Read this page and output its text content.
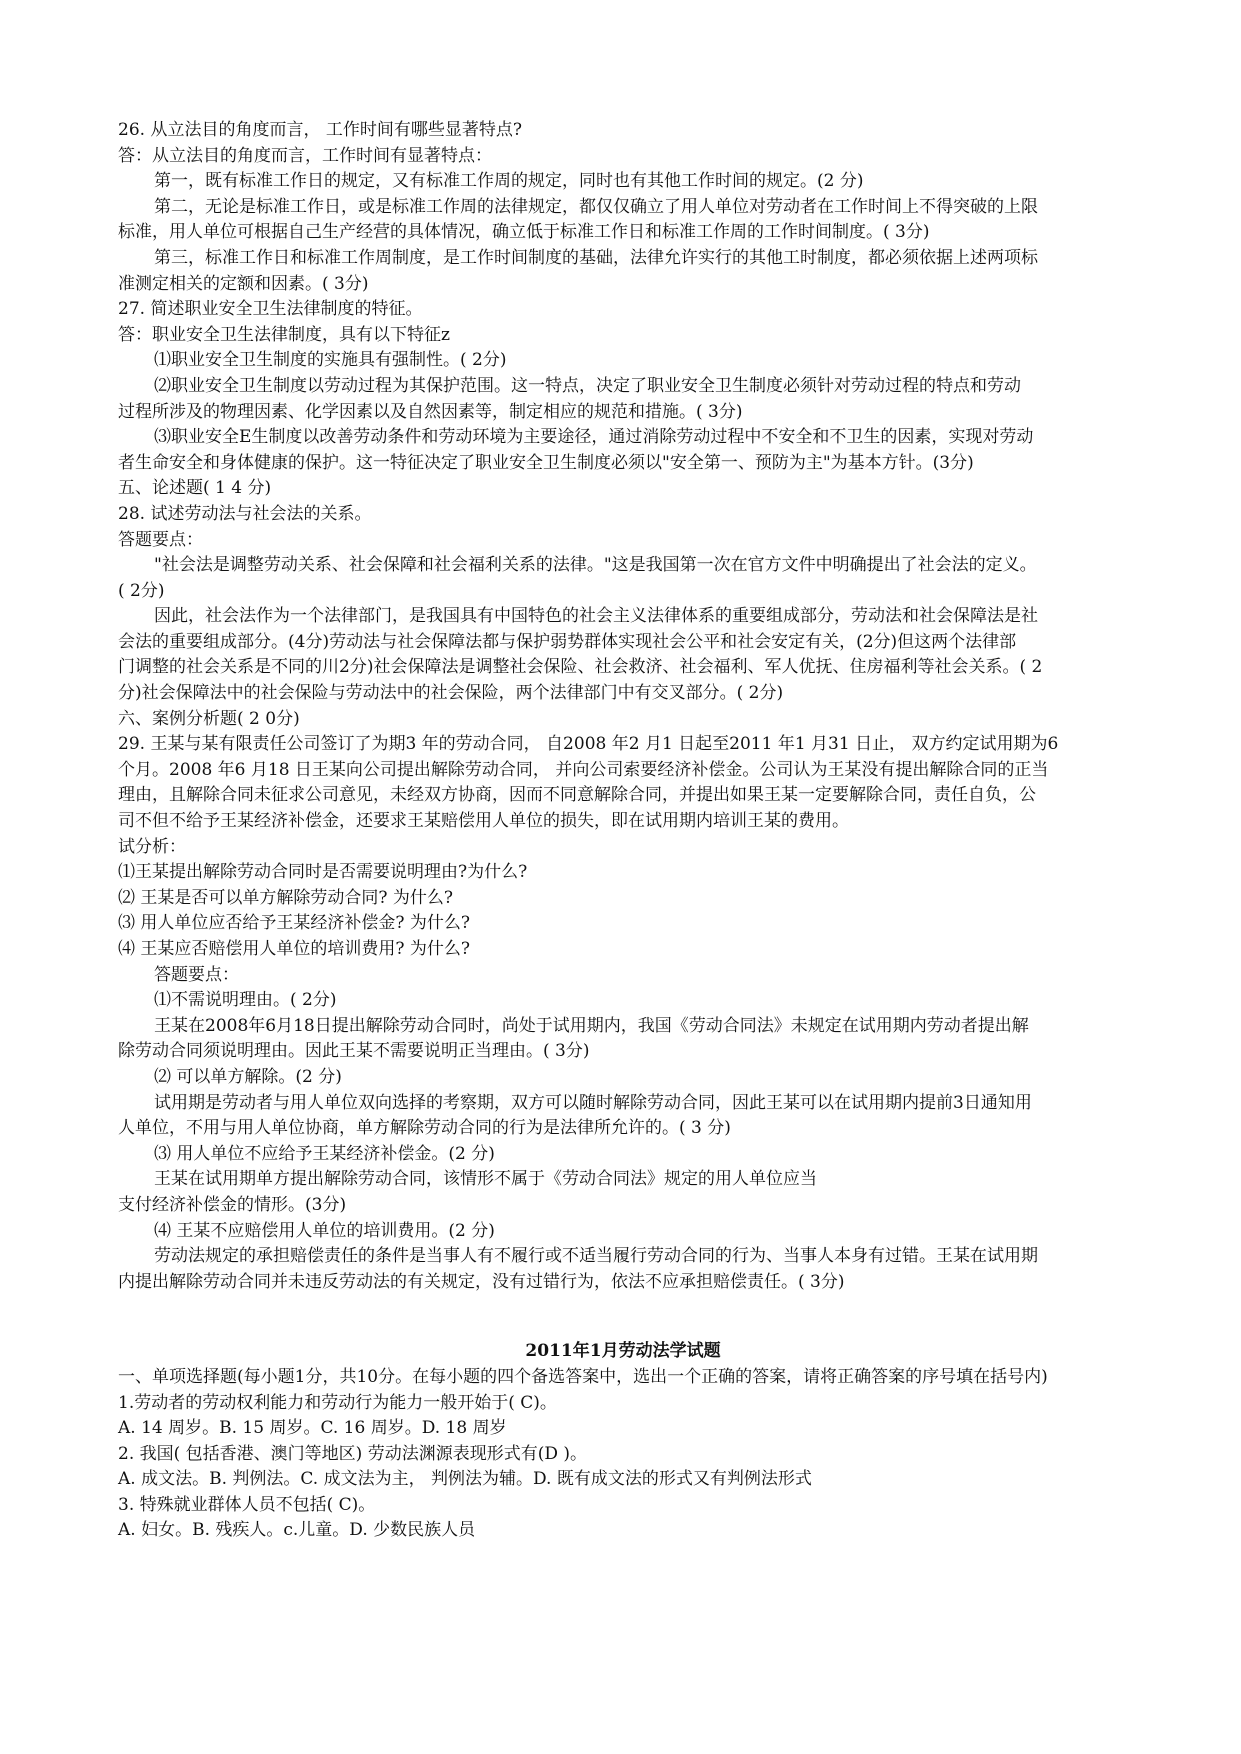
26. 从立法目的角度而言， 工作时间有哪些显著特点?
答：从立法目的角度而言，工作时间有显著特点：
第一，既有标准工作日的规定，又有标准工作周的规定，同时也有其他工作时间的规定。(2 分)
第二，无论是标准工作日，或是标准工作周的法律规定，都仅仅确立了用人单位对劳动者在工作时间上不得突破的上限
标准，用人单位可根据自己生产经营的具体情况，确立低于标准工作日和标准工作周的工作时间制度。( 3分)
第三，标准工作日和标准工作周制度，是工作时间制度的基础，法律允许实行的其他工时制度，都必须依据上述两项标
准测定相关的定额和因素。( 3分)
27. 简述职业安全卫生法律制度的特征。
答：职业安全卫生法律制度，具有以下特征z
⑴职业安全卫生制度的实施具有强制性。( 2分)
⑵职业安全卫生制度以劳动过程为其保护范围。这一特点，决定了职业安全卫生制度必须针对劳动过程的特点和劳动
过程所涉及的物理因素、化学因素以及自然因素等，制定相应的规范和措施。( 3分)
⑶职业安全E生制度以改善劳动条件和劳动环境为主要途径，通过消除劳动过程中不安全和不卫生的因素，实现对劳动
者生命安全和身体健康的保护。这一特征决定了职业安全卫生制度必须以"安全第一、预防为主"为基本方针。(3分)
五、论述题( 1 4 分)
28. 试述劳动法与社会法的关系。
答题要点：
"社会法是调整劳动关系、社会保障和社会福利关系的法律。"这是我国第一次在官方文件中明确提出了社会法的定义。
( 2分)
因此，社会法作为一个法律部门，是我国具有中国特色的社会主义法律体系的重要组成部分，劳动法和社会保障法是社
会法的重要组成部分。(4分)劳动法与社会保障法都与保护弱势群体实现社会公平和社会安定有关，(2分)但这两个法律部
门调整的社会关系是不同的川2分)社会保障法是调整社会保险、社会救济、社会福利、军人优抚、住房福利等社会关系。( 2
分)社会保障法中的社会保险与劳动法中的社会保险，两个法律部门中有交叉部分。( 2分)
六、案例分析题( 2 0分)
29. 王某与某有限责任公司签订了为期3 年的劳动合同， 自2008 年2 月1 日起至2011 年1 月31 日止， 双方约定试用期为6
个月。2008 年6 月18 日王某向公司提出解除劳动合同， 并向公司索要经济补偿金。公司认为王某没有提出解除合同的正当
理由，且解除合同未征求公司意见，未经双方协商，因而不同意解除合同，并提出如果王某一定要解除合同，责任自负，公
司不但不给予王某经济补偿金，还要求王某赔偿用人单位的损失，即在试用期内培训王某的费用。
试分析：
⑴王某提出解除劳动合同时是否需要说明理由?为什么?
⑵ 王某是否可以单方解除劳动合同? 为什么?
⑶ 用人单位应否给予王某经济补偿金? 为什么?
⑷ 王某应否赔偿用人单位的培训费用? 为什么?
答题要点：
⑴不需说明理由。( 2分)
王某在2008年6月18日提出解除劳动合同时，尚处于试用期内，我国《劳动合同法》未规定在试用期内劳动者提出解
除劳动合同须说明理由。因此王某不需要说明正当理由。( 3分)
⑵ 可以单方解除。(2 分)
试用期是劳动者与用人单位双向选择的考察期，双方可以随时解除劳动合同，因此王某可以在试用期内提前3日通知用
人单位，不用与用人单位协商，单方解除劳动合同的行为是法律所允许的。( 3 分)
⑶ 用人单位不应给予王某经济补偿金。(2 分)
王某在试用期单方提出解除劳动合同，该情形不属于《劳动合同法》规定的用人单位应当
支付经济补偿金的情形。(3分)
⑷ 王某不应赔偿用人单位的培训费用。(2 分)
劳动法规定的承担赔偿责任的条件是当事人有不履行或不适当履行劳动合同的行为、当事人本身有过错。王某在试用期
内提出解除劳动合同并未违反劳动法的有关规定，没有过错行为，依法不应承担赔偿责任。( 3分)
2011年1月劳动法学试题
一、单项选择题(每小题1分，共10分。在每小题的四个备选答案中，选出一个正确的答案，请将正确答案的序号填在括号内)
1.劳动者的劳动权利能力和劳动行为能力一般开始于( C)。
A. 14 周岁。B. 15 周岁。C. 16 周岁。D. 18 周岁
2. 我国( 包括香港、澳门等地区) 劳动法渊源表现形式有(D )。
A. 成文法。B. 判例法。C. 成文法为主， 判例法为辅。D. 既有成文法的形式又有判例法形式
3. 特殊就业群体人员不包括( C)。
A. 妇女。B. 残疾人。c.儿童。D. 少数民族人员
